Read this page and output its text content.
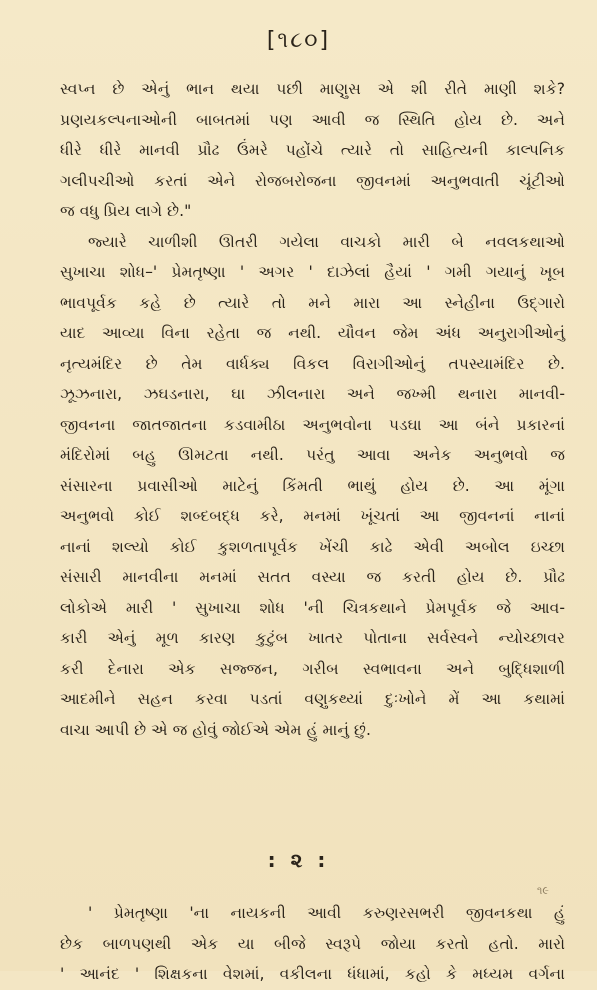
[૧૮૦]

સ્વપ્ન છે એનું ભાન થયા પછી માણુસ એ શી રીતે માણી શકે?
પ્રણયકલ્પનાઓની બાબતમાં પણ આવી જ સ્થિતિ હોય છે. અને
ધીરે ધીરે માનવી પ્રૌઢ ઉંમરે પહોંચે ત્યારે તો સાહિત્યની કાલ્પનિક
ગલીપચીઓ કરતાં એને રોજબરોજના જીવનમાં અનુભવાતી ચૂંટીઓ
જ વધુ પ્રિય લાગે છે."

જ્યારે ચાળીશી ઊતરી ગયેલા વાચકો મારી બે નવલકથાઓ
સુખાચા શોધ–' પ્રેમતૃષ્ણા ' અગર ' દાઝેલાં હૈયાં ' ગમી ગયાનું ખૂબ
ભાવપૂર્વક કહે છે ત્યારે તો મને મારા આ સ્નેહીના ઉદ્ગારો
યાદ આવ્યા વિના રહેતા જ નથી. યૌવન જેમ અંધ અનુરાગીઓનું
નૃત્યમંદિર છે તેમ વાર્ધક્ય વિકલ વિરાગીઓનું તપસ્યામંદિર છે.
ઝૂઝનારા, ઝઘડનારા, ઘા ઝીલનારા અને જખ્મી થનારા માનવી-
જીવનના જાતજાતના કડવામીઠા અનુભવોના પડઘા આ બંને પ્રકારનાં
મંદિરોમાં બહુ ઊમટતા નથી. પરંતુ આવા અનેક અનુભવો જ
સંસારના પ્રવાસીઓ માટેનું કિંમતી ભાથું હોય છે. આ મૂંગા
અનુભવો કોઈ શબ્દબદ્ધ કરે, મનમાં ખૂંચતાં આ જીવનનાં નાનાં
નાનાં શલ્યો કોઈ કુશળતાપૂર્વક ખેંચી કાઢે એવી અબોલ ઇચ્છા
સંસારી માનવીના મનમાં સતત વસ્યા જ કરતી હોય છે. પ્રૌઢ
લોકોએ મારી ' સુખાચા શોધ 'ની ચિત્રકથાને પ્રેમપૂર્વક જે આવ-
કારી એનું મૂળ કારણ કુટુંબ ખાતર પોતાના સર્વસ્વને ન્યોચ્છાવર
કરી દેનારા એક સજ્જન, ગરીબ સ્વભાવના અને બુદ્ધિશાળી
આદમીને સહન કરવા પડતાં વણુકથ્યાં દુઃખોને મેં આ કથામાં
વાચા આપી છે એ જ હોવું જોઈએ એમ હું માનું છું.

: ૨ :
૧૯

' પ્રેમતૃષ્ણા 'ના નાયકની આવી કરુણરસભરી જીવનકથા હું
છેક બાળપણથી એક યા બીજે સ્વરૂપે જોયા કરતો હતો. મારો
' આનંદ ' શિક્ષકના વેશમાં, વકીલના ધંધામાં, કહો કે મધ્યમ વર્ગના
